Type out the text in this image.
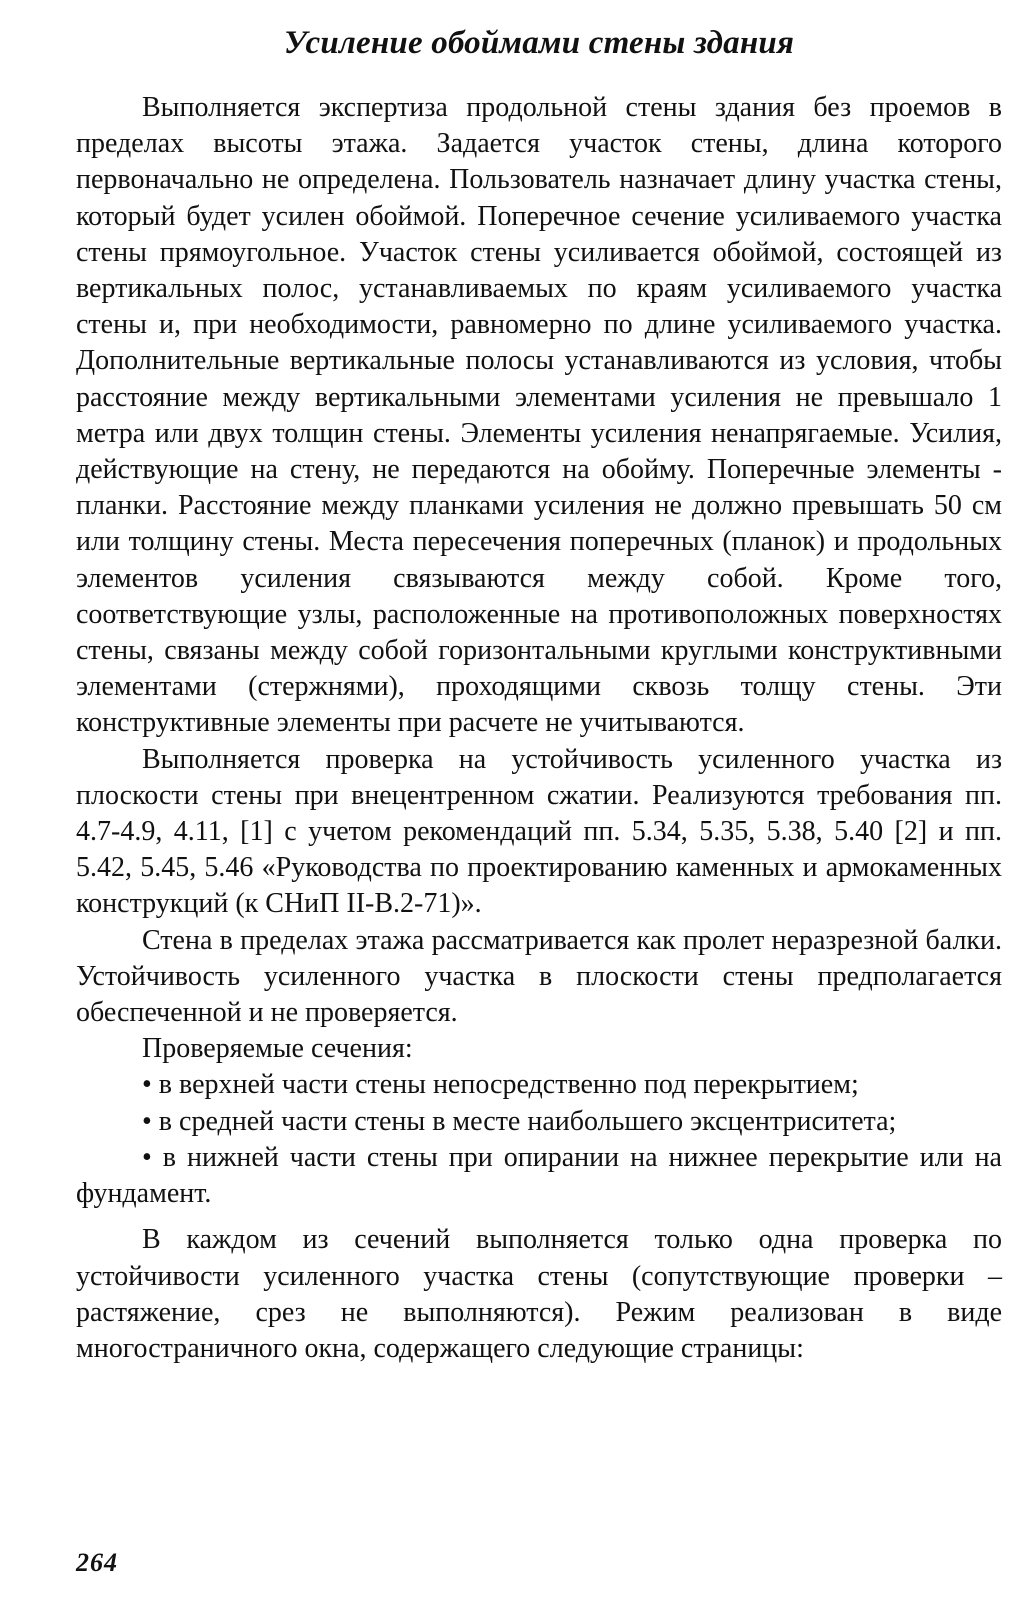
Усиление обоймами стены здания

Выполняется экспертиза продольной стены здания без проемов в пределах высоты этажа. Задается участок стены, длина которого первоначально не определена. Пользователь назначает длину участка стены, который будет усилен обоймой. Поперечное сечение усиливаемого участка стены прямоугольное. Участок стены усиливается обоймой, состоящей из вертикальных полос, устанавливаемых по краям усиливаемого участка стены и, при необходимости, равномерно по длине усиливаемого участка. Дополнительные вертикальные полосы устанавливаются из условия, чтобы расстояние между вертикальными элементами усиления не превышало 1 метра или двух толщин стены. Элементы усиления ненапрягаемые. Усилия, действующие на стену, не передаются на обойму. Поперечные элементы - планки. Расстояние между планками усиления не должно превышать 50 см или толщину стены. Места пересечения поперечных (планок) и продольных элементов усиления связываются между собой. Кроме того, соответствующие узлы, расположенные на противоположных поверхностях стены, связаны между собой горизонтальными круглыми конструктивными элементами (стержнями), проходящими сквозь толщу стены. Эти конструктивные элементы при расчете не учитываются.

Выполняется проверка на устойчивость усиленного участка из плоскости стены при внецентренном сжатии. Реализуются требования пп. 4.7-4.9, 4.11, [1] с учетом рекомендаций пп. 5.34, 5.35, 5.38, 5.40 [2] и пп. 5.42, 5.45, 5.46 «Руководства по проектированию каменных и армокаменных конструкций (к СНиП II-В.2-71)».

Стена в пределах этажа рассматривается как пролет неразрезной балки. Устойчивость усиленного участка в плоскости стены предполагается обеспеченной и не проверяется.

Проверяемые сечения:

• в верхней части стены непосредственно под перекрытием;

• в средней части стены в месте наибольшего эксцентриситета;

• в нижней части стены при опирании на нижнее перекрытие или на фундамент.

В каждом из сечений выполняется только одна проверка по устойчивости усиленного участка стены (сопутствующие проверки – растяжение, срез не выполняются). Режим реализован в виде многостраничного окна, содержащего следующие страницы:

264
